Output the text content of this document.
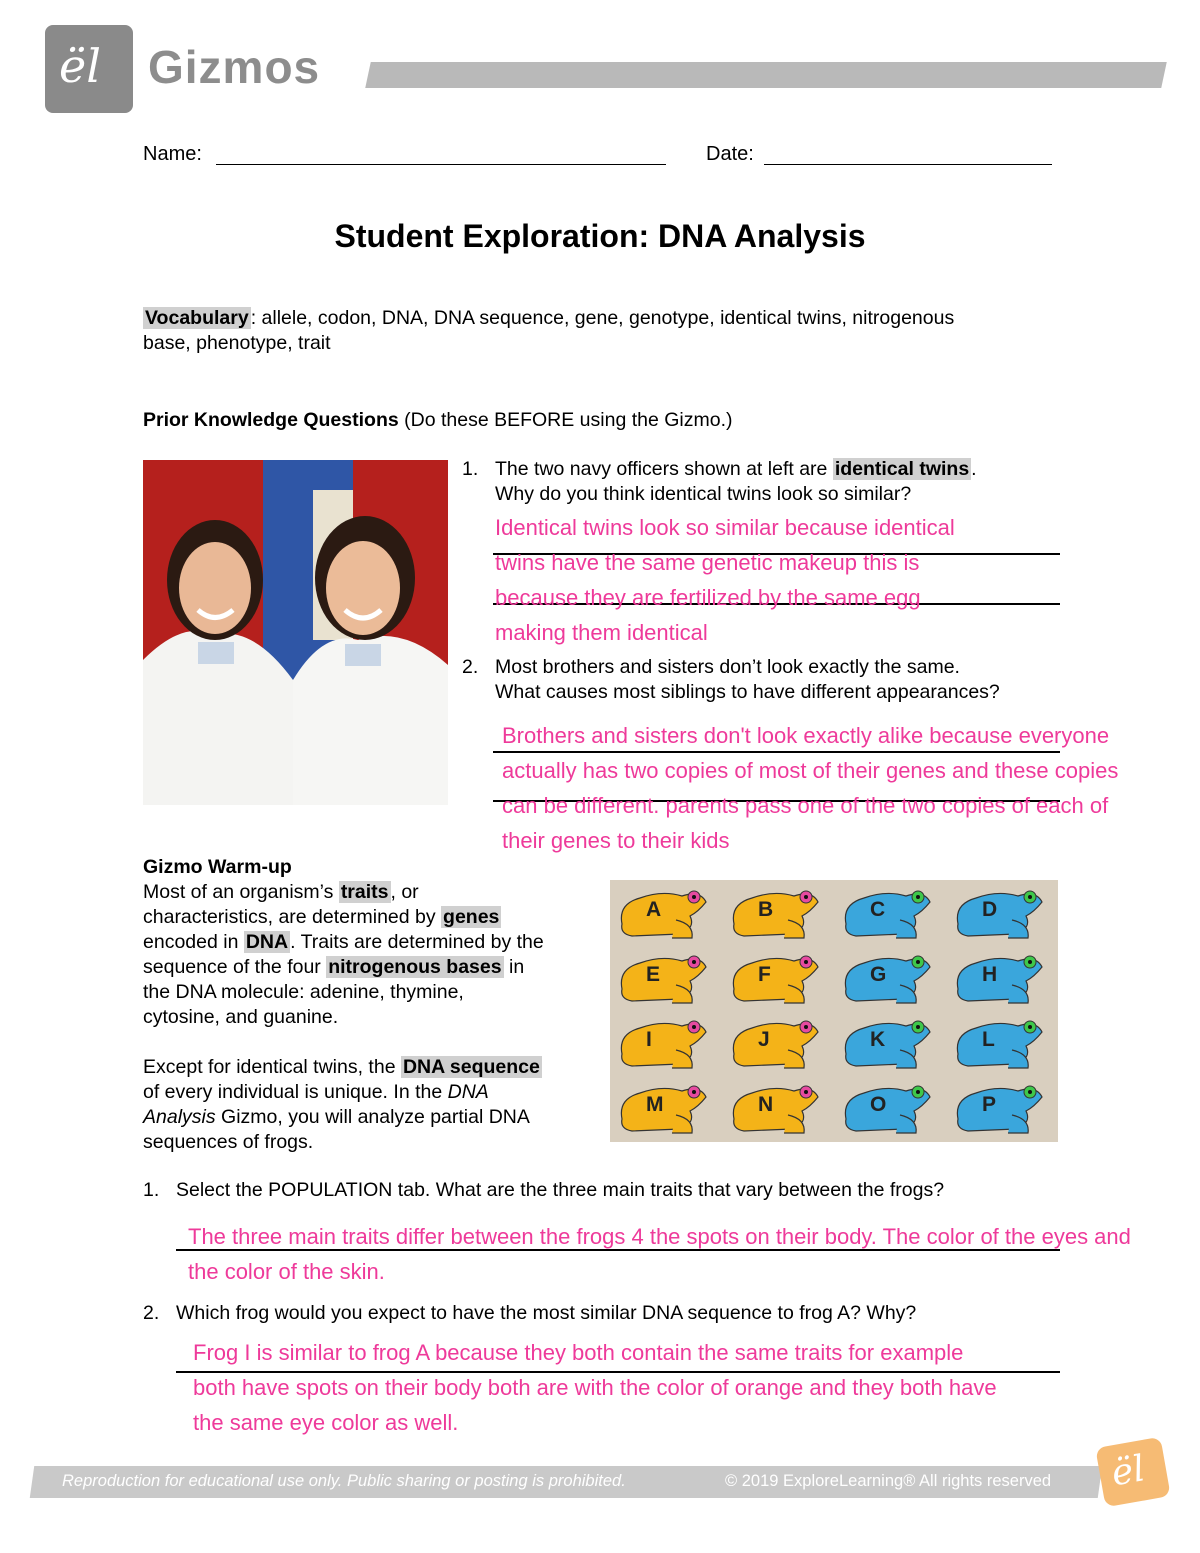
ël Gizmos
Name:	Date:
Student Exploration: DNA Analysis
Vocabulary : allele, codon, DNA, DNA sequence, gene, genotype, identical twins, nitrogenous
base, phenotype, trait
Prior Knowledge Questions (Do these BEFORE using the Gizmo.)
1. The two navy officers shown at left are identical twins .
Why do you think identical twins look so similar?
Identical twins look so similar because identical
twins have the same genetic makeup this is
because they are fertilized by the same egg
making them identical
2. Most brothers and sisters don’t look exactly the same.
What causes most siblings to have different appearances?
Brothers and sisters don't look exactly alike because everyone
actually has two copies of most of their genes and these copies
can be different. parents pass one of the two copies of each of
their genes to their kids
Gizmo Warm-up
Most of an organism’s traits , or
characteristics, are determined by genes
encoded in DNA . Traits are determined by the
sequence of the four nitrogenous bases in
the DNA molecule: adenine, thymine,
cytosine, and guanine.

Except for identical twins, the DNA sequence
of every individual is unique. In the DNA
Analysis Gizmo, you will analyze partial DNA
sequences of frogs.
A	B	C	D
E	F	G	H
I	J	K	L
M	N	O	P
1. Select the POPULATION tab. What are the three main traits that vary between the frogs?
The three main traits differ between the frogs 4 the spots on their body. The color of the eyes and
the color of the skin.
2. Which frog would you expect to have the most similar DNA sequence to frog A? Why?
Frog I is similar to frog A because they both contain the same traits for example
both have spots on their body both are with the color of orange and they both have
the same eye color as well.
Reproduction for educational use only. Public sharing or posting is prohibited.	© 2019 ExploreLearning® All rights reserved ël
